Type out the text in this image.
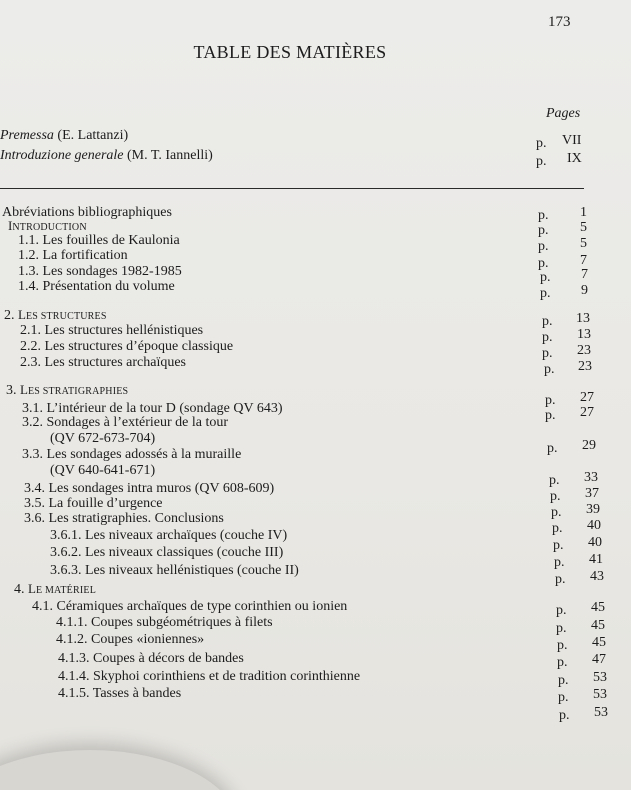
173
TABLE DES MATIÈRES
Pages
Premessa (E. Lattanzi)
p. VII
Introduzione generale (M. T. Iannelli)	p. IX
Abréviations bibliographiques
INTRODUCTION
1.1. Les fouilles de Kaulonia
1.2. La fortification
1.3. Les sondages 1982-1985
1.4. Présentation du volume
2. LES STRUCTURES
2.1. Les structures hellénistiques
2.2. Les structures d’époque classique
2.3. Les structures archaïques
3. LES STRATIGRAPHIES
3.1. L’intérieur de la tour D (sondage QV 643)
3.2. Sondages à l’extérieur de la tour
(QV 672-673-704)
3.3. Les sondages adossés à la muraille
(QV 640-641-671)
3.4. Les sondages intra muros (QV 608-609)
3.5. La fouille d’urgence
3.6. Les stratigraphies. Conclusions
3.6.1. Les niveaux archaïques (couche IV)
3.6.2. Les niveaux classiques (couche III)
3.6.3. Les niveaux hellénistiques (couche II)
4. LE MATÉRIEL
4.1. Céramiques archaïques de type corinthien ou ionien
4.1.1. Coupes subgéométriques à filets
4.1.2. Coupes «ioniennes»
4.1.3. Coupes à décors de bandes
4.1.4. Skyphoi corinthiens et de tradition corinthienne
4.1.5. Tasses à bandes
p. 1
p. 5
p. 5
p. 7
p. 7
p. 9
p. 13
p. 13
p. 23
p. 23
p. 27
p. 27
p. 29
p. 33
p. 37
p. 39
p. 40
p. 40
p. 41
p. 43
p. 45
p. 45
p. 45
p. 47
p. 53
p. 53
p. 53
